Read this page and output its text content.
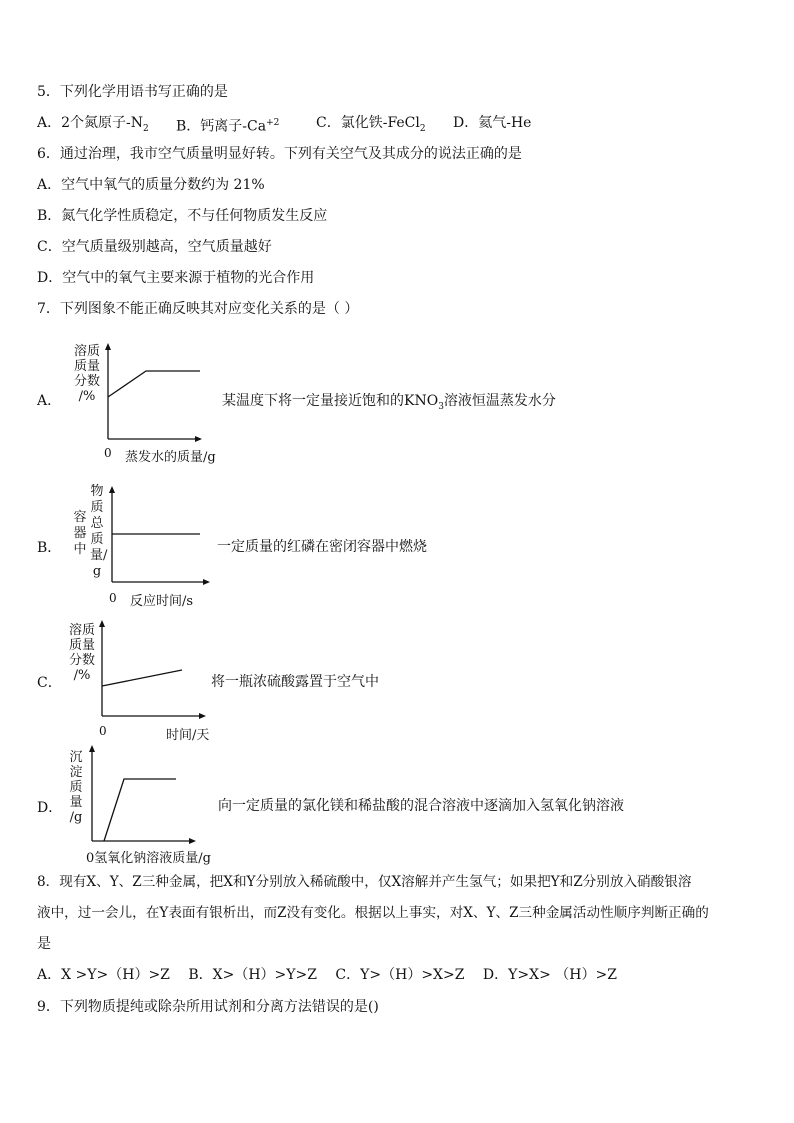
5．下列化学用语书写正确的是
A．2个氮原子$-N_2$ B．钙离子$-Ca^{+2}$	C．氯化铁-FeCl$_2$ D．氦气-He
6．通过治理，我市空气质量明显好转。下列有关空气及其成分的说法正确的是
A．空气中氧气的质量分数约为 21%
B．氮气化学性质稳定，不与任何物质发生反应
C．空气质量级别越高，空气质量越好
D．空气中的氧气主要来源于植物的光合作用
7．下列图象不能正确反映其对应变化关系的是（ ）
A．
溶质
质量
分数
/%
0 蒸发水的质量/g
某温度下将一定量接近饱和的$KNO_3$溶液恒温蒸发水分
B．
容器中
物质总质量/g
0 反应时间/s
一定质量的红磷在密闭容器中燃烧
C．
溶质
质量
分数
/%
0	时间/天
将一瓶浓硫酸露置于空气中
D．
沉
淀
质
量
/g
0氢氧化钠溶液质量/g
向一定质量的氯化镁和稀盐酸的混合溶液中逐滴加入氢氧化钠溶液
8．现有X、Y、Z三种金属，把X和Y分别放入稀硫酸中，仅X溶解并产生氢气；如果把Y和Z分别放入硝酸银溶
液中，过一会儿，在Y表面有银析出，而Z没有变化。根据以上事实，对X、Y、Z三种金属活动性顺序判断正确的
是
A．X >Y>（H）>Z　 B．X>（H）>Y>Z　 C．Y>（H）>X>Z　 D．Y>X> （H）>Z
9．下列物质提纯或除杂所用试剂和分离方法错误的是()
